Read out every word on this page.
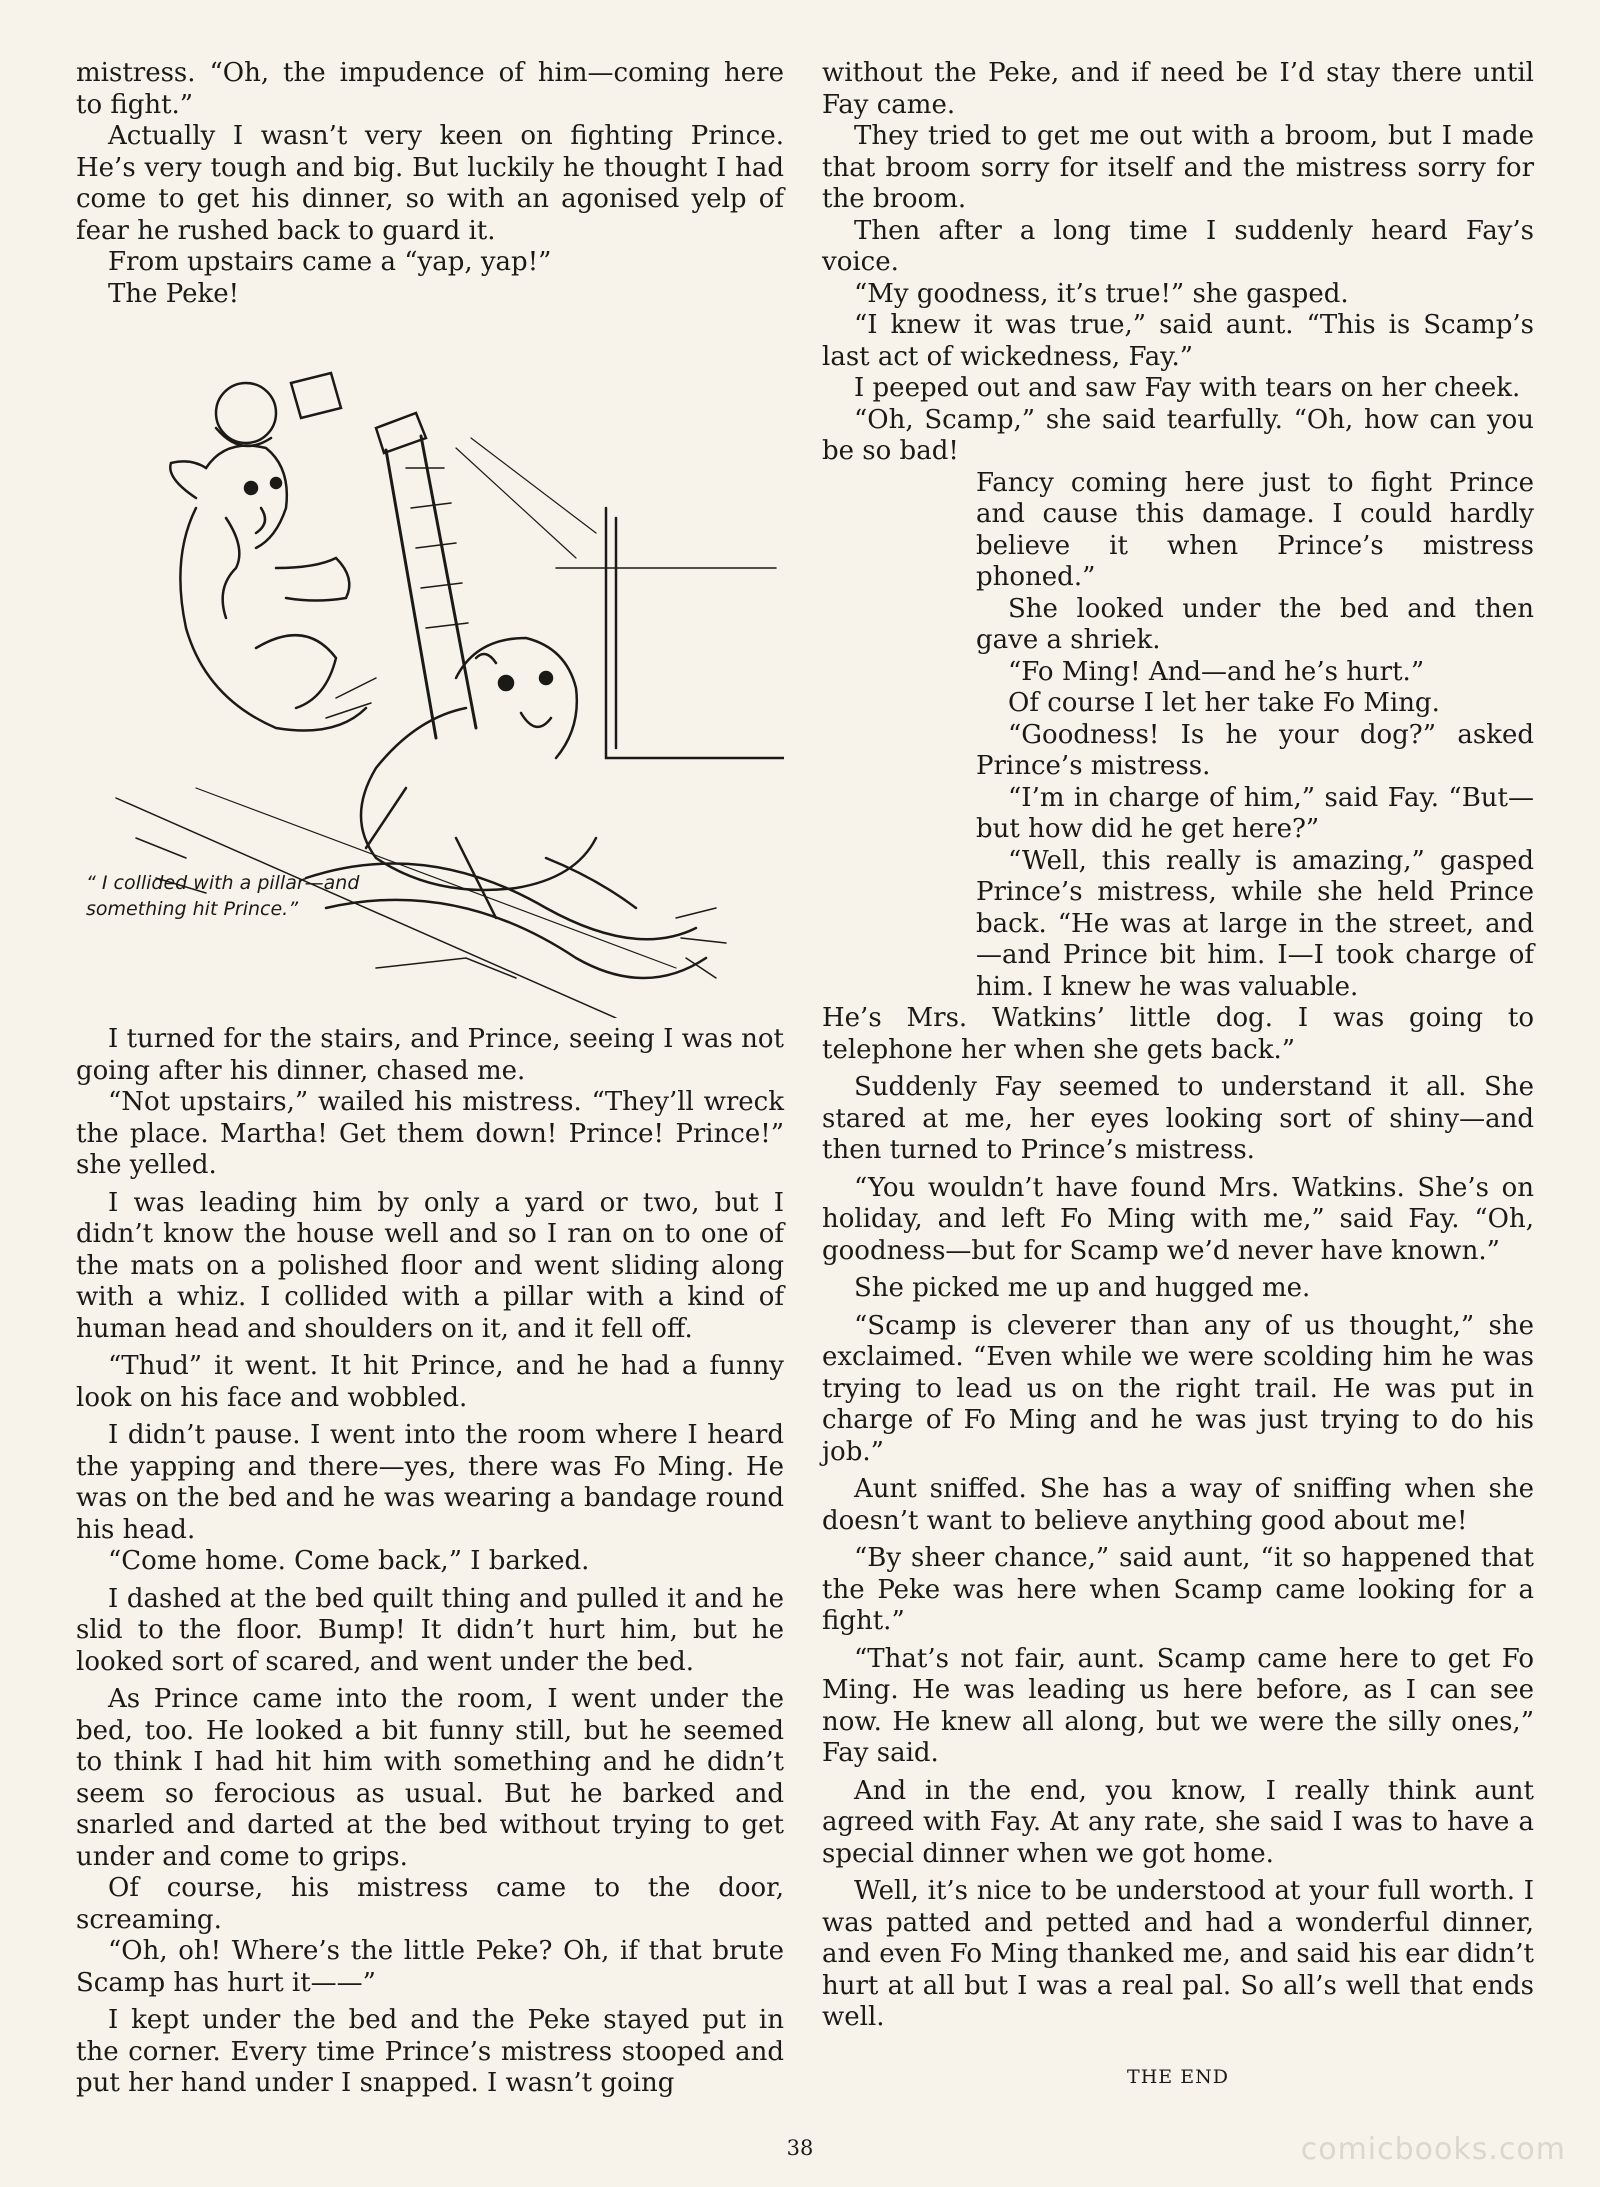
mistress. “Oh, the impudence of him—coming here to fight.”

Actually I wasn’t very keen on fighting Prince. He’s very tough and big. But luckily he thought I had come to get his dinner, so with an agonised yelp of fear he rushed back to guard it.

From upstairs came a “yap, yap!”

The Peke!

“ I collided with a pillar—and something hit Prince.”

I turned for the stairs, and Prince, seeing I was not going after his dinner, chased me.

“Not upstairs,” wailed his mistress. “They’ll wreck the place. Martha! Get them down! Prince! Prince!” she yelled.

I was leading him by only a yard or two, but I didn’t know the house well and so I ran on to one of the mats on a polished floor and went sliding along with a whiz. I collided with a pillar with a kind of human head and shoulders on it, and it fell off.

“Thud” it went. It hit Prince, and he had a funny look on his face and wobbled.

I didn’t pause. I went into the room where I heard the yapping and there—yes, there was Fo Ming. He was on the bed and he was wearing a bandage round his head.

“Come home. Come back,” I barked.

I dashed at the bed quilt thing and pulled it and he slid to the floor. Bump! It didn’t hurt him, but he looked sort of scared, and went under the bed.

As Prince came into the room, I went under the bed, too. He looked a bit funny still, but he seemed to think I had hit him with something and he didn’t seem so ferocious as usual. But he barked and snarled and darted at the bed without trying to get under and come to grips.

Of course, his mistress came to the door, screaming.

“Oh, oh! Where’s the little Peke? Oh, if that brute Scamp has hurt it——”

I kept under the bed and the Peke stayed put in the corner. Every time Prince’s mistress stooped and put her hand under I snapped. I wasn’t going

without the Peke, and if need be I’d stay there until Fay came.

They tried to get me out with a broom, but I made that broom sorry for itself and the mistress sorry for the broom.

Then after a long time I suddenly heard Fay’s voice.

“My goodness, it’s true!” she gasped.

“I knew it was true,” said aunt. “This is Scamp’s last act of wickedness, Fay.”

I peeped out and saw Fay with tears on her cheek.

“Oh, Scamp,” she said tearfully. “Oh, how can you be so bad!

Fancy coming here just to fight Prince and cause this damage. I could hardly believe it when Prince’s mistress phoned.”

She looked under the bed and then gave a shriek.

“Fo Ming! And—and he’s hurt.”

Of course I let her take Fo Ming.

“Goodness! Is he your dog?” asked Prince’s mistress.

“I’m in charge of him,” said Fay. “But—but how did he get here?”

“Well, this really is amazing,” gasped Prince’s mistress, while she held Prince back. “He was at large in the street, and—and Prince bit him. I—I took charge of him. I knew he was valuable.

He’s Mrs. Watkins’ little dog. I was going to telephone her when she gets back.”

Suddenly Fay seemed to understand it all. She stared at me, her eyes looking sort of shiny—and then turned to Prince’s mistress.

“You wouldn’t have found Mrs. Watkins. She’s on holiday, and left Fo Ming with me,” said Fay. “Oh, goodness—but for Scamp we’d never have known.”

She picked me up and hugged me.

“Scamp is cleverer than any of us thought,” she exclaimed. “Even while we were scolding him he was trying to lead us on the right trail. He was put in charge of Fo Ming and he was just trying to do his job.”

Aunt sniffed. She has a way of sniffing when she doesn’t want to believe anything good about me!

“By sheer chance,” said aunt, “it so happened that the Peke was here when Scamp came looking for a fight.”

“That’s not fair, aunt. Scamp came here to get Fo Ming. He was leading us here before, as I can see now. He knew all along, but we were the silly ones,” Fay said.

And in the end, you know, I really think aunt agreed with Fay. At any rate, she said I was to have a special dinner when we got home.

Well, it’s nice to be understood at your full worth. I was patted and petted and had a wonderful dinner, and even Fo Ming thanked me, and said his ear didn’t hurt at all but I was a real pal. So all’s well that ends well.

THE END
38	comicbooks.com
